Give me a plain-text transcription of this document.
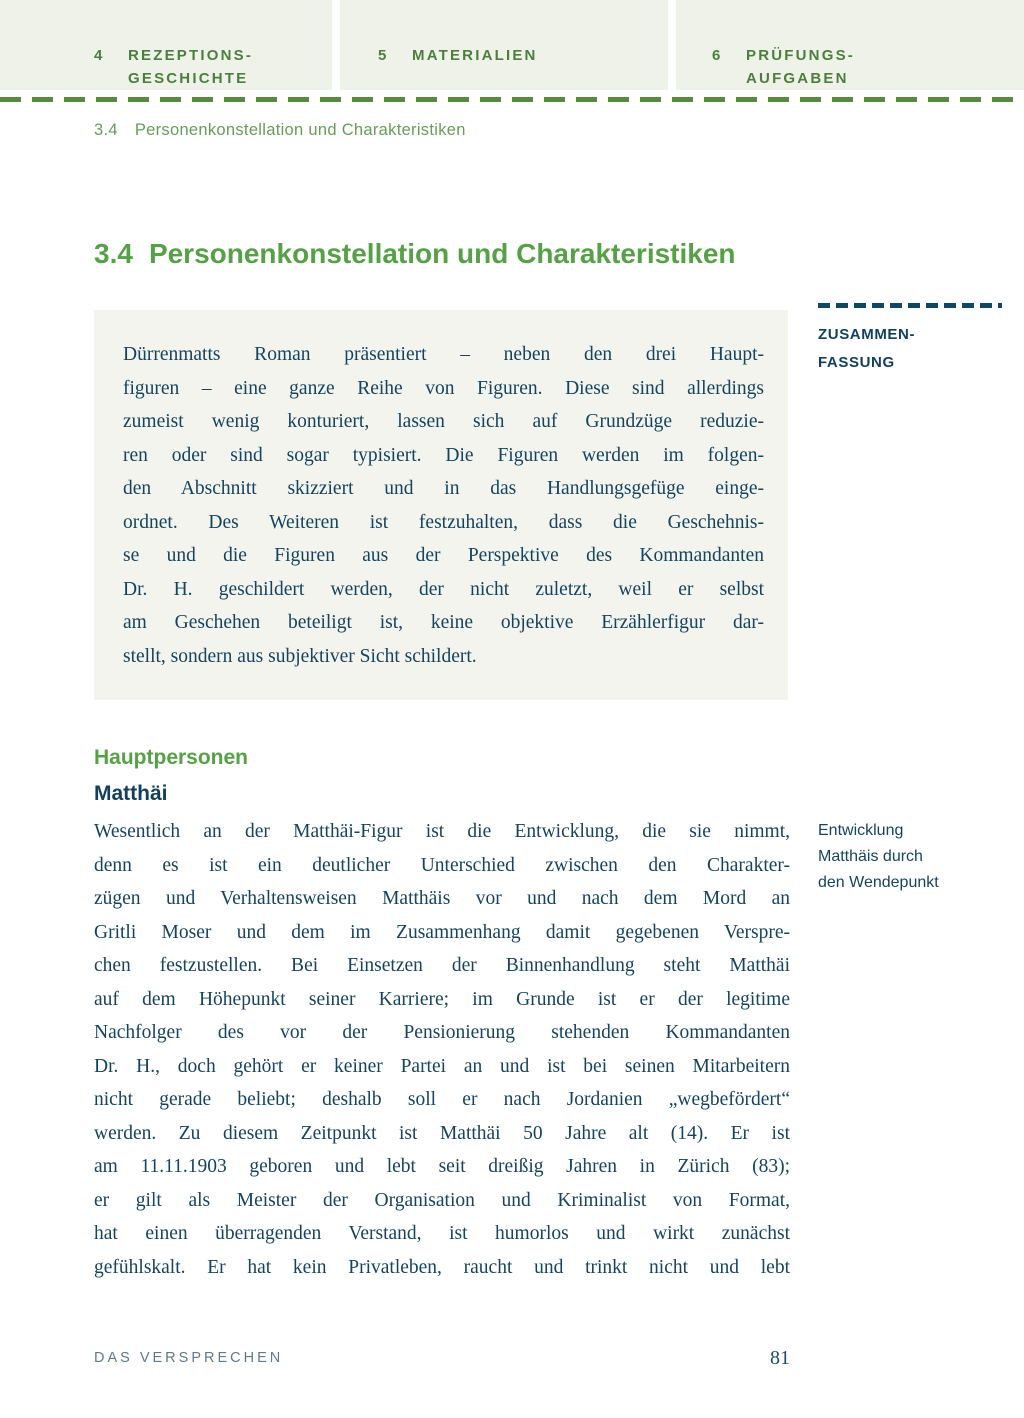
4	REZEPTIONS-
GESCHICHTE
5	MATERIALIEN	6	PRÜFUNGS-
AUFGABEN
3.4 Personenkonstellation und Charakteristiken
3.4 Personenkonstellation und Charakteristiken
Dürrenmatts Roman präsentiert – neben den drei Haupt-
figuren – eine ganze Reihe von Figuren. Diese sind allerdings
zumeist wenig konturiert, lassen sich auf Grundzüge reduzie-
ren oder sind sogar typisiert. Die Figuren werden im folgen-
den Abschnitt skizziert und in das Handlungsgefüge einge-
ordnet. Des Weiteren ist festzuhalten, dass die Geschehnis-
se und die Figuren aus der Perspektive des Kommandanten
Dr. H. geschildert werden, der nicht zuletzt, weil er selbst
am Geschehen beteiligt ist, keine objektive Erzählerfigur dar-
stellt, sondern aus subjektiver Sicht schildert.
ZUSAMMEN-
FASSUNG
Hauptpersonen
Matthäi
Wesentlich an der Matthäi-Figur ist die Entwicklung, die sie nimmt,
denn es ist ein deutlicher Unterschied zwischen den Charakter-
zügen und Verhaltensweisen Matthäis vor und nach dem Mord an
Gritli Moser und dem im Zusammenhang damit gegebenen Verspre-
chen festzustellen. Bei Einsetzen der Binnenhandlung steht Matthäi
auf dem Höhepunkt seiner Karriere; im Grunde ist er der legitime
Nachfolger des vor der Pensionierung stehenden Kommandanten
Dr. H., doch gehört er keiner Partei an und ist bei seinen Mitarbeitern
nicht gerade beliebt; deshalb soll er nach Jordanien „wegbefördert“
werden. Zu diesem Zeitpunkt ist Matthäi 50 Jahre alt (14). Er ist
am 11.11.1903 geboren und lebt seit dreißig Jahren in Zürich (83);
er gilt als Meister der Organisation und Kriminalist von Format,
hat einen überragenden Verstand, ist humorlos und wirkt zunächst
gefühlskalt. Er hat kein Privatleben, raucht und trinkt nicht und lebt
Entwicklung
Matthäis durch
den Wendepunkt
DAS VERSPRECHEN	81
